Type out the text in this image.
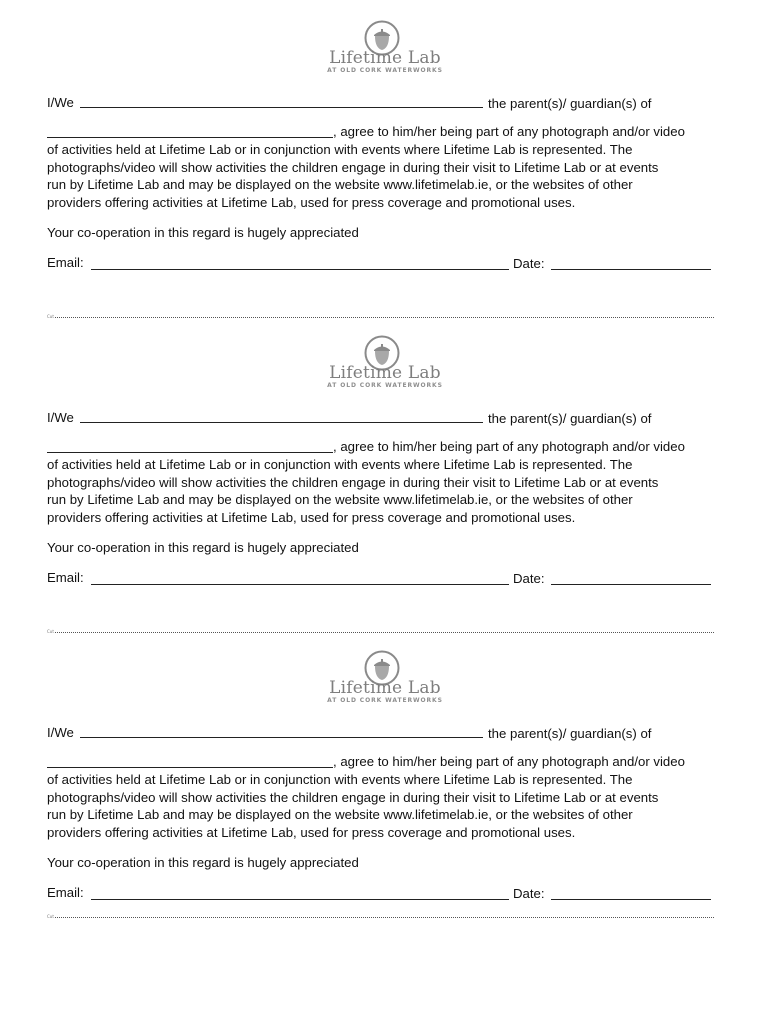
Lifetime Lab
AT OLD CORK WATERWORKS
I/We	the parent(s)/ guardian(s) of
, agree to him/her being part of any photograph and/or video
of activities held at Lifetime Lab or in conjunction with events where Lifetime Lab is represented. The
photographs/video will show activities the children engage in during their visit to Lifetime Lab or at events
run by Lifetime Lab and may be displayed on the website www.lifetimelab.ie, or the websites of other
providers offering activities at Lifetime Lab, used for press coverage and promotional uses.
Your co-operation in this regard is hugely appreciated
Email:	Date:
Cut
Lifetime Lab
AT OLD CORK WATERWORKS
I/We	the parent(s)/ guardian(s) of
, agree to him/her being part of any photograph and/or video
of activities held at Lifetime Lab or in conjunction with events where Lifetime Lab is represented. The
photographs/video will show activities the children engage in during their visit to Lifetime Lab or at events
run by Lifetime Lab and may be displayed on the website www.lifetimelab.ie, or the websites of other
providers offering activities at Lifetime Lab, used for press coverage and promotional uses.
Your co-operation in this regard is hugely appreciated
Email:	Date:
Cut
Lifetime Lab
AT OLD CORK WATERWORKS
I/We	the parent(s)/ guardian(s) of
, agree to him/her being part of any photograph and/or video
of activities held at Lifetime Lab or in conjunction with events where Lifetime Lab is represented. The
photographs/video will show activities the children engage in during their visit to Lifetime Lab or at events
run by Lifetime Lab and may be displayed on the website www.lifetimelab.ie, or the websites of other
providers offering activities at Lifetime Lab, used for press coverage and promotional uses.
Your co-operation in this regard is hugely appreciated
Email:	Date:
Cut
